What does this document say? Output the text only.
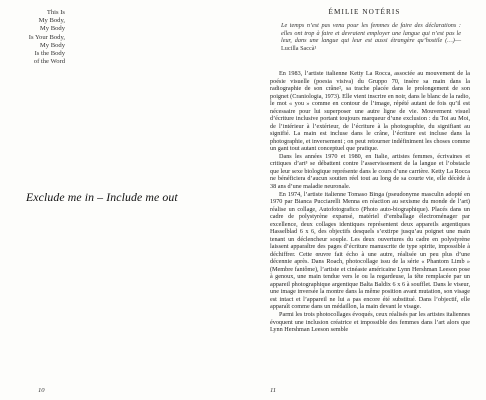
This Is
My Body,
My Body
Is Your Body,
My Body
Is the Body
of the Word
Exclude me in – Include me out
10
ÉMILIE NOTÉRIS
Le temps n’est pas venu pour les femmes de faire des déclarations : elles ont trop à faire et devraient employer une langue qui n’est pas le leur, dans une langue qui leur est aussi étrangère qu’hostile (…)—Lucilla Saccà¹

En 1983, l’artiste italienne Ketty La Rocca, associée au mouvement de la poésie visuelle (poesia visiva) du Gruppo 70, insère sa main dans la radiographie de son crâne², sa trache placée dans le prolongement de son poignet (Craniologia, 1973). Elle vient inscrire en noir, dans le blanc de la radio, le mot « you » comme en contour de l’image, répété autant de fois qu’il est nécessaire pour lui superposer une autre ligne de vie. Mouvement visuel d’écriture inclusive portant toujours marqueur d’une exclusion : du Toi au Moi, de l’intérieur à l’extérieur, de l’écriture à la photographie, du signifiant au signifié. La main est incluse dans le crâne, l’écriture est incluse dans la photographie, et inversement ; on peut retourner indéfiniment les choses comme un gant tout autant conceptuel que pratique.

Dans les années 1970 et 1980, en Italie, artistes femmes, écrivaines et critiques d’art³ se débattent contre l’asservissement de la langue et l’obstacle que leur sexe biologique représente dans le cours d’une carrière. Ketty La Rocca ne bénéficiera d’aucun soutien réel tout au long de sa courte vie, elle décède à 38 ans d’une maladie neuronale.

En 1974, l’artiste italienne Tomaso Binga (pseudonyme masculin adopté en 1970 par Bianca Pucciarelli Menna en réaction au sexisme du monde de l’art) réalise un collage, Autofotografico (Photo auto-biographique). Placés dans un cadre de polystyrène expansé, matériel d’emballage électroménager par excellence, deux collages identiques représentent deux appareils argentiques Hasselblad 6 x 6, des objectifs desquels s’extirpe jusqu’au poignet une main tenant un déclencheur souple. Les deux ouvertures du cadre en polystyrène laissent apparaître des pages d’écriture manuscrite de type spirite, impossible à déchiffrer. Cette œuvre fait écho à une autre, réalisée un peu plus d’une décennie après. Dans Roach, photocollage issu de la série « Phantom Limb » (Membre fantôme), l’artiste et cinéaste américaine Lynn Hershman Leeson pose à genoux, une main tendue vers le ou la regardeuse, la tête remplacée par un appareil photographique argentique Balta Baldix 6 x 6 à soufflet. Dans le viseur, une image inversée la montre dans la même position avant mutation, son visage est intact et l’appareil ne lui a pas encore été substitué. Dans l’objectif, elle apparaît comme dans un médaillon, la main devant le visage.

Parmi les trois photocollages évoqués, ceux réalisés par les artistes italiennes évoquent une inclusion créatrice et impossible des femmes dans l’art alors que Lynn Hershman Leeson semble

11
